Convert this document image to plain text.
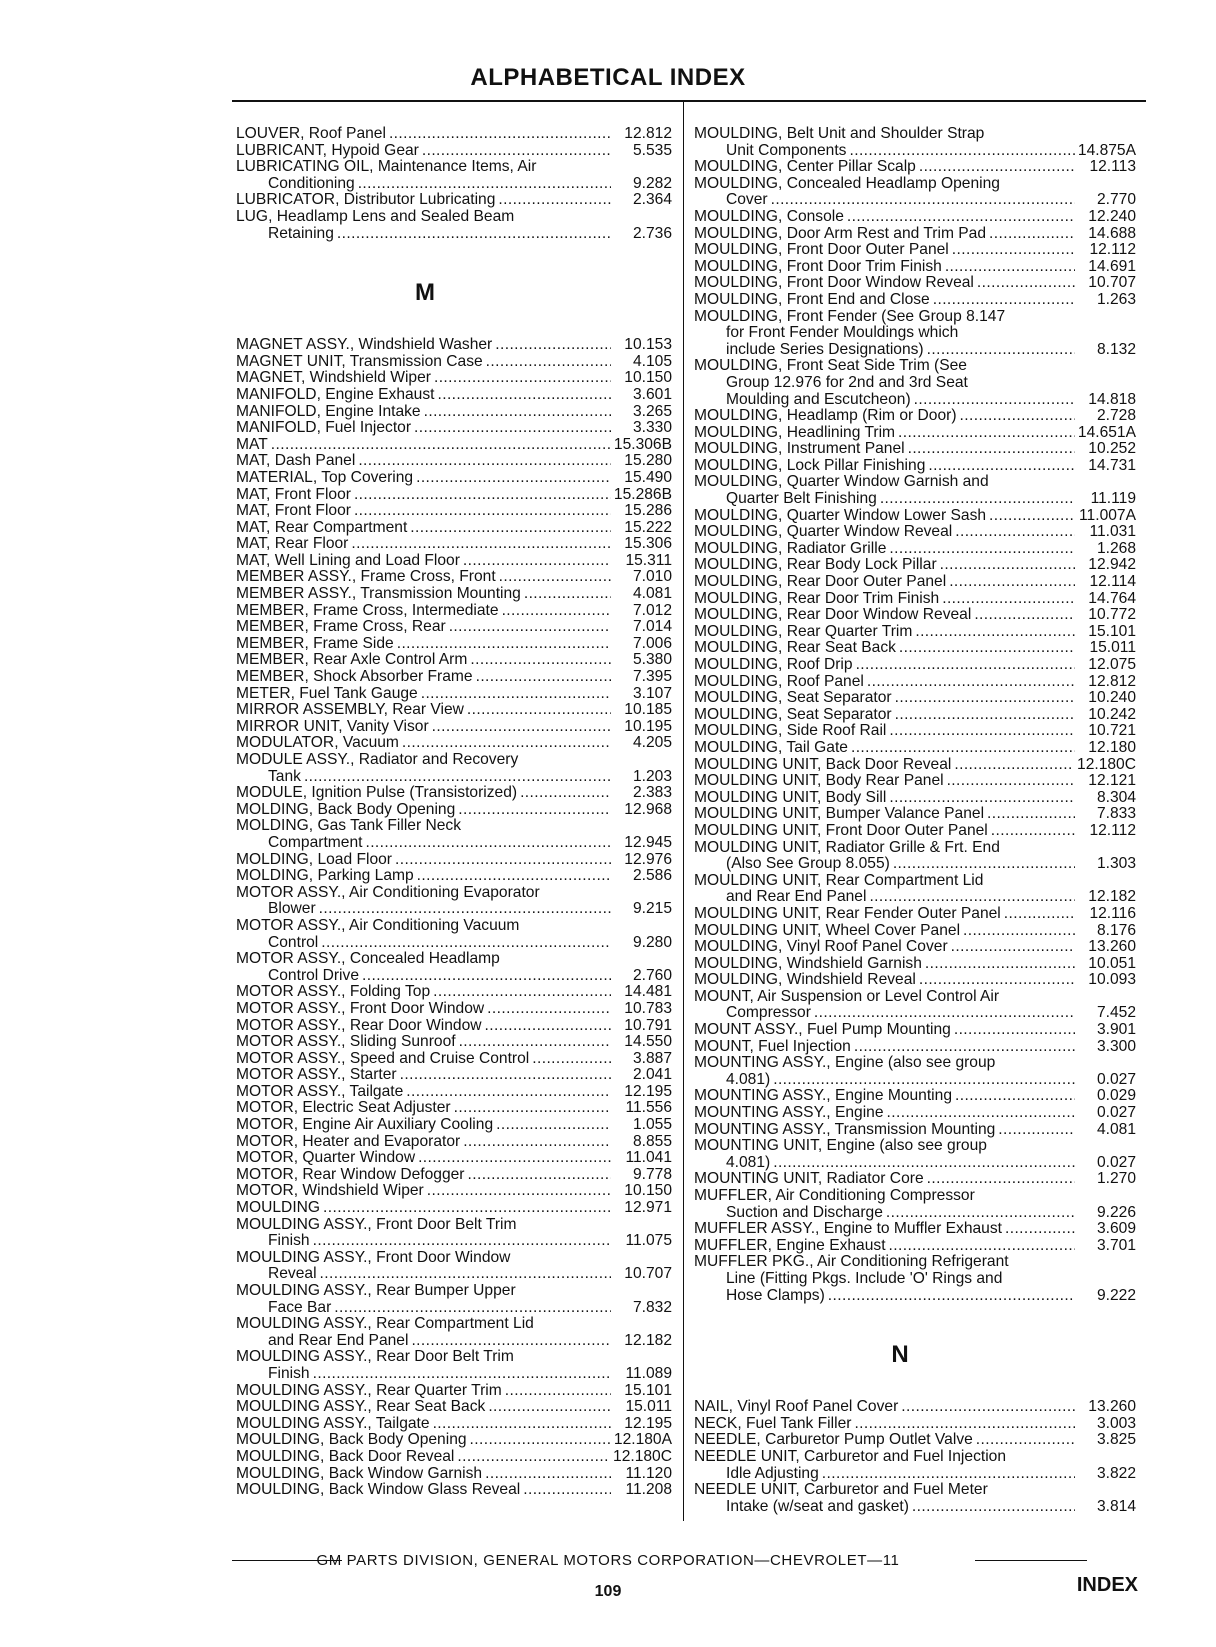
ALPHABETICAL INDEX
LOUVER, Roof Panel .....	12.812
LUBRICANT, Hypoid Gear .....	5.535
LUBRICATING OIL, Maintenance Items, Air
Conditioning .....	9.282
LUBRICATOR, Distributor Lubricating .....	2.364
LUG, Headlamp Lens and Sealed Beam
Retaining .....	2.736
M
MAGNET ASSY., Windshield Washer .....	10.153
MAGNET UNIT, Transmission Case .....	4.105
MAGNET, Windshield Wiper .....	10.150
MANIFOLD, Engine Exhaust .....	3.601
MANIFOLD, Engine Intake .....	3.265
MANIFOLD, Fuel Injector .....	3.330
MAT .....	15.306B
MAT, Dash Panel .....	15.280
MATERIAL, Top Covering .....	15.490
MAT, Front Floor .....	15.286B
MAT, Front Floor .....	15.286
MAT, Rear Compartment .....	15.222
MAT, Rear Floor .....	15.306
MAT, Well Lining and Load Floor .....	15.311
MEMBER ASSY., Frame Cross, Front .....	7.010
MEMBER ASSY., Transmission Mounting .....	4.081
MEMBER, Frame Cross, Intermediate .....	7.012
MEMBER, Frame Cross, Rear .....	7.014
MEMBER, Frame Side .....	7.006
MEMBER, Rear Axle Control Arm .....	5.380
MEMBER, Shock Absorber Frame .....	7.395
METER, Fuel Tank Gauge .....	3.107
MIRROR ASSEMBLY, Rear View .....	10.185
MIRROR UNIT, Vanity Visor .....	10.195
MODULATOR, Vacuum .....	4.205
MODULE ASSY., Radiator and Recovery
Tank .....	1.203
MODULE, Ignition Pulse (Transistorized) .....	2.383
MOLDING, Back Body Opening .....	12.968
MOLDING, Gas Tank Filler Neck
Compartment .....	12.945
MOLDING, Load Floor .....	12.976
MOLDING, Parking Lamp .....	2.586
MOTOR ASSY., Air Conditioning Evaporator
Blower .....	9.215
MOTOR ASSY., Air Conditioning Vacuum
Control .....	9.280
MOTOR ASSY., Concealed Headlamp
Control Drive .....	2.760
MOTOR ASSY., Folding Top .....	14.481
MOTOR ASSY., Front Door Window .....	10.783
MOTOR ASSY., Rear Door Window .....	10.791
MOTOR ASSY., Sliding Sunroof .....	14.550
MOTOR ASSY., Speed and Cruise Control .....	3.887
MOTOR ASSY., Starter .....	2.041
MOTOR ASSY., Tailgate .....	12.195
MOTOR, Electric Seat Adjuster .....	11.556
MOTOR, Engine Air Auxiliary Cooling .....	1.055
MOTOR, Heater and Evaporator .....	8.855
MOTOR, Quarter Window .....	11.041
MOTOR, Rear Window Defogger .....	9.778
MOTOR, Windshield Wiper .....	10.150
MOULDING .....	12.971
MOULDING ASSY., Front Door Belt Trim
Finish .....	11.075
MOULDING ASSY., Front Door Window
Reveal .....	10.707
MOULDING ASSY., Rear Bumper Upper
Face Bar .....	7.832
MOULDING ASSY., Rear Compartment Lid
and Rear End Panel .....	12.182
MOULDING ASSY., Rear Door Belt Trim
Finish .....	11.089
MOULDING ASSY., Rear Quarter Trim .....	15.101
MOULDING ASSY., Rear Seat Back .....	15.011
MOULDING ASSY., Tailgate .....	12.195
MOULDING, Back Body Opening .....	12.180A
MOULDING, Back Door Reveal .....	12.180C
MOULDING, Back Window Garnish .....	11.120
MOULDING, Back Window Glass Reveal .....	11.208
MOULDING, Belt Unit and Shoulder Strap
Unit Components .....	14.875A
MOULDING, Center Pillar Scalp .....	12.113
MOULDING, Concealed Headlamp Opening
Cover .....	2.770
MOULDING, Console .....	12.240
MOULDING, Door Arm Rest and Trim Pad .....	14.688
MOULDING, Front Door Outer Panel .....	12.112
MOULDING, Front Door Trim Finish .....	14.691
MOULDING, Front Door Window Reveal .....	10.707
MOULDING, Front End and Close .....	1.263
MOULDING, Front Fender (See Group 8.147
for Front Fender Mouldings which
include Series Designations) .....	8.132
MOULDING, Front Seat Side Trim (See
Group 12.976 for 2nd and 3rd Seat
Moulding and Escutcheon) .....	14.818
MOULDING, Headlamp (Rim or Door) .....	2.728
MOULDING, Headlining Trim .....	14.651A
MOULDING, Instrument Panel .....	10.252
MOULDING, Lock Pillar Finishing .....	14.731
MOULDING, Quarter Window Garnish and
Quarter Belt Finishing .....	11.119
MOULDING, Quarter Window Lower Sash .....	11.007A
MOULDING, Quarter Window Reveal .....	11.031
MOULDING, Radiator Grille .....	1.268
MOULDING, Rear Body Lock Pillar .....	12.942
MOULDING, Rear Door Outer Panel .....	12.114
MOULDING, Rear Door Trim Finish .....	14.764
MOULDING, Rear Door Window Reveal .....	10.772
MOULDING, Rear Quarter Trim .....	15.101
MOULDING, Rear Seat Back .....	15.011
MOULDING, Roof Drip .....	12.075
MOULDING, Roof Panel .....	12.812
MOULDING, Seat Separator .....	10.240
MOULDING, Seat Separator .....	10.242
MOULDING, Side Roof Rail .....	10.721
MOULDING, Tail Gate .....	12.180
MOULDING UNIT, Back Door Reveal .....	12.180C
MOULDING UNIT, Body Rear Panel .....	12.121
MOULDING UNIT, Body Sill .....	8.304
MOULDING UNIT, Bumper Valance Panel .....	7.833
MOULDING UNIT, Front Door Outer Panel .....	12.112
MOULDING UNIT, Radiator Grille & Frt. End
(Also See Group 8.055) .....	1.303
MOULDING UNIT, Rear Compartment Lid
and Rear End Panel .....	12.182
MOULDING UNIT, Rear Fender Outer Panel .....	12.116
MOULDING UNIT, Wheel Cover Panel .....	8.176
MOULDING, Vinyl Roof Panel Cover .....	13.260
MOULDING, Windshield Garnish .....	10.051
MOULDING, Windshield Reveal .....	10.093
MOUNT, Air Suspension or Level Control Air
Compressor .....	7.452
MOUNT ASSY., Fuel Pump Mounting .....	3.901
MOUNT, Fuel Injection .....	3.300
MOUNTING ASSY., Engine (also see group
4.081) .....	0.027
MOUNTING ASSY., Engine Mounting .....	0.029
MOUNTING ASSY., Engine .....	0.027
MOUNTING ASSY., Transmission Mounting .....	4.081
MOUNTING UNIT, Engine (also see group
4.081) .....	0.027
MOUNTING UNIT, Radiator Core .....	1.270
MUFFLER, Air Conditioning Compressor
Suction and Discharge .....	9.226
MUFFLER ASSY., Engine to Muffler Exhaust .....	3.609
MUFFLER, Engine Exhaust .....	3.701
MUFFLER PKG., Air Conditioning Refrigerant
Line (Fitting Pkgs. Include 'O' Rings and
Hose Clamps) .....	9.222
N
NAIL, Vinyl Roof Panel Cover .....	13.260
NECK, Fuel Tank Filler .....	3.003
NEEDLE, Carburetor Pump Outlet Valve .....	3.825
NEEDLE UNIT, Carburetor and Fuel Injection
Idle Adjusting .....	3.822
NEEDLE UNIT, Carburetor and Fuel Meter
Intake (w/seat and gasket) .....	3.814
GM PARTS DIVISION, GENERAL MOTORS CORPORATION—CHEVROLET—11
109	INDEX
